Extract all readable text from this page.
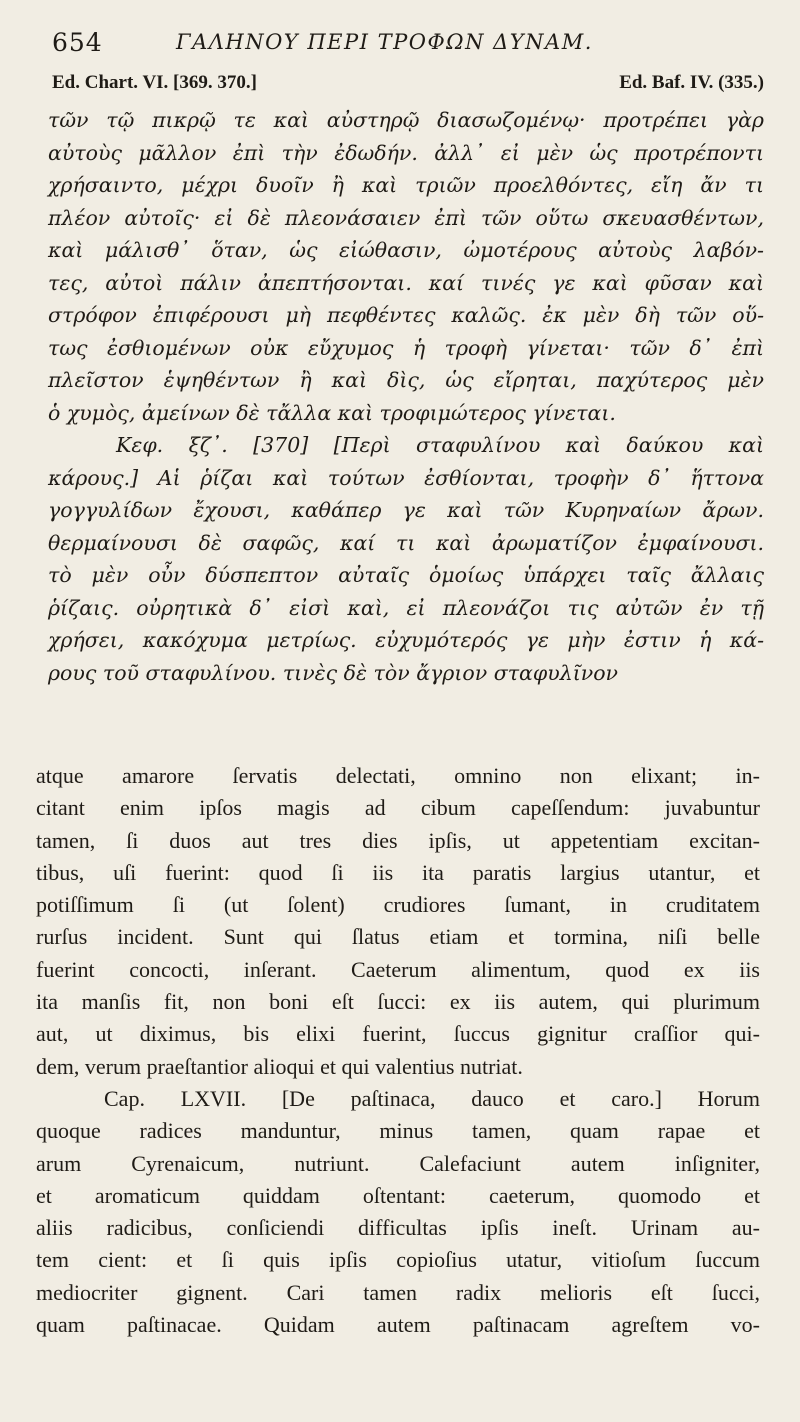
654	ΓΑΛΗΝΟΥ ΠΕΡΙ ΤΡΟΦΩΝ ΔΥΝΑΜ.
Ed. Chart. VI. [369. 370.]	Ed. Baf. IV. (335.)
τῶν τῷ πικρῷ τε καὶ αὐστηρῷ διασωζομένῳ· προτρέπει γὰρ
αὐτοὺς μᾶλλον ἐπὶ τὴν ἐδωδήν. ἀλλ᾽ εἰ μὲν ὡς προτρέποντι
χρήσαιντο, μέχρι δυοῖν ἢ καὶ τριῶν προελθόντες, εἴη ἄν τι
πλέον αὐτοῖς· εἰ δὲ πλεονάσαιεν ἐπὶ τῶν οὕτω σκευασθέντων,
καὶ μάλισθ᾽ ὅταν, ὡς εἰώθασιν, ὠμοτέρους αὐτοὺς λαβόν-
τες, αὐτοὶ πάλιν ἀπεπτήσονται. καί τινές γε καὶ φῦσαν καὶ
στρόφον ἐπιφέρουσι μὴ πεφθέντες καλῶς. ἐκ μὲν δὴ τῶν οὕ-
τως ἐσθιομένων οὐκ εὔχυμος ἡ τροφὴ γίνεται· τῶν δ᾽ ἐπὶ
πλεῖστον ἑψηθέντων ἢ καὶ δὶς, ὡς εἴρηται, παχύτερος μὲν
ὁ χυμὸς, ἀμείνων δὲ τἄλλα καὶ τροφιμώτερος γίνεται.
Κεφ. ξζ᾽. [370] [Περὶ σταφυλίνου καὶ δαύκου καὶ
κάρους.] Αἱ ῥίζαι καὶ τούτων ἐσθίονται, τροφὴν δ᾽ ἥττονα
γογγυλίδων ἔχουσι, καθάπερ γε καὶ τῶν Κυρηναίων ἄρων.
θερμαίνουσι δὲ σαφῶς, καί τι καὶ ἀρωματίζον ἐμφαίνουσι.
τὸ μὲν οὖν δύσπεπτον αὐταῖς ὁμοίως ὑπάρχει ταῖς ἄλλαις
ῥίζαις. οὐρητικὰ δ᾽ εἰσὶ καὶ, εἰ πλεονάζοι τις αὐτῶν ἐν τῇ
χρήσει, κακόχυμα μετρίως. εὐχυμότερός γε μὴν ἐστιν ἡ κά-
ρους τοῦ σταφυλίνου. τινὲς δὲ τὸν ἄγριον σταφυλῖνον
atque amarore ſervatis delectati, omnino non elixant; in-
citant enim ipſos magis ad cibum capeſſendum: juvabuntur
tamen, ſi duos aut tres dies ipſis, ut appetentiam excitan-
tibus, uſi fuerint: quod ſi iis ita paratis largius utantur, et
potiſſimum ſi (ut ſolent) crudiores ſumant, in cruditatem
rurſus incident. Sunt qui ſlatus etiam et tormina, niſi belle
fuerint concocti, inſerant. Caeterum alimentum, quod ex iis
ita manſis fit, non boni eſt ſucci: ex iis autem, qui plurimum
aut, ut diximus, bis elixi fuerint, ſuccus gignitur craſſior qui-
dem, verum praeſtantior alioqui et qui valentius nutriat.
Cap. LXVII. [De paſtinaca, dauco et caro.] Horum
quoque radices manduntur, minus tamen, quam rapae et
arum Cyrenaicum, nutriunt. Calefaciunt autem inſigniter,
et aromaticum quiddam oſtentant: caeterum, quomodo et
aliis radicibus, conſiciendi difficultas ipſis ineſt. Urinam au-
tem cient: et ſi quis ipſis copioſius utatur, vitioſum ſuccum
mediocriter gignent. Cari tamen radix melioris eſt ſucci,
quam paſtinacae. Quidam autem paſtinacam agreſtem vo-
